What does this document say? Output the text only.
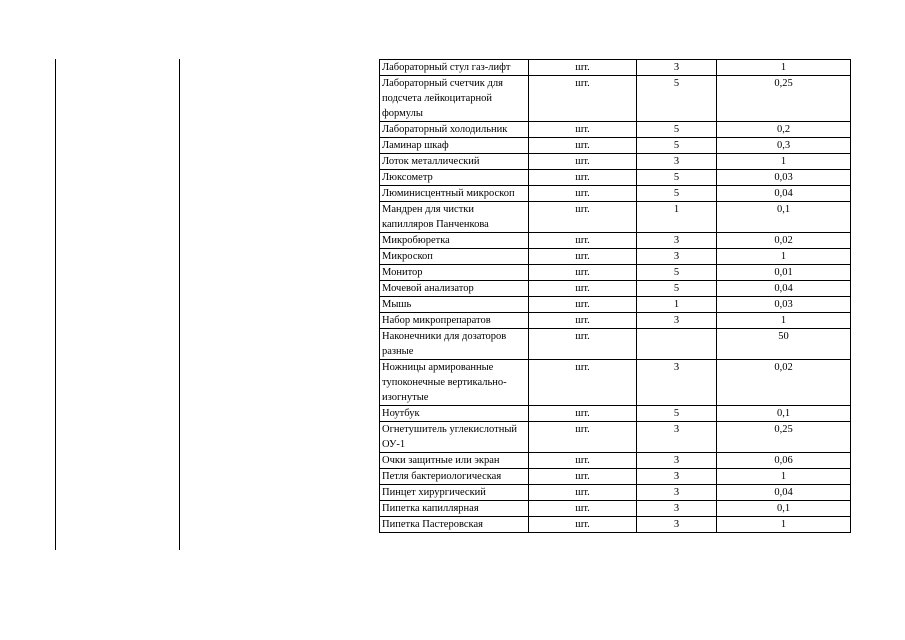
Лабораторный стул газ-лифт	шт.	3	1
Лабораторный счетчик для подсчета лейкоцитарной формулы	шт.	5	0,25
Лабораторный холодильник	шт.	5	0,2
Ламинар шкаф	шт.	5	0,3
Лоток металлический	шт.	3	1
Люксометр	шт.	5	0,03
Люминисцентный микроскоп	шт.	5	0,04
Мандрен для чистки капилляров Панченкова	шт.	1	0,1
Микробюретка	шт.	3	0,02
Микроскоп	шт.	3	1
Монитор	шт.	5	0,01
Мочевой анализатор	шт.	5	0,04
Мышь	шт.	1	0,03
Набор микропрепаратов	шт.	3	1
Наконечники для дозаторов разные	шт.		50
Ножницы армированные тупоконечные вертикально-изогнутые	шт.	3	0,02
Ноутбук	шт.	5	0,1
Огнетушитель углекислотный ОУ-1	шт.	3	0,25
Очки защитные или экран	шт.	3	0,06
Петля бактериологическая	шт.	3	1
Пинцет хирургический	шт.	3	0,04
Пипетка капиллярная	шт.	3	0,1
Пипетка Пастеровская	шт.	3	1
